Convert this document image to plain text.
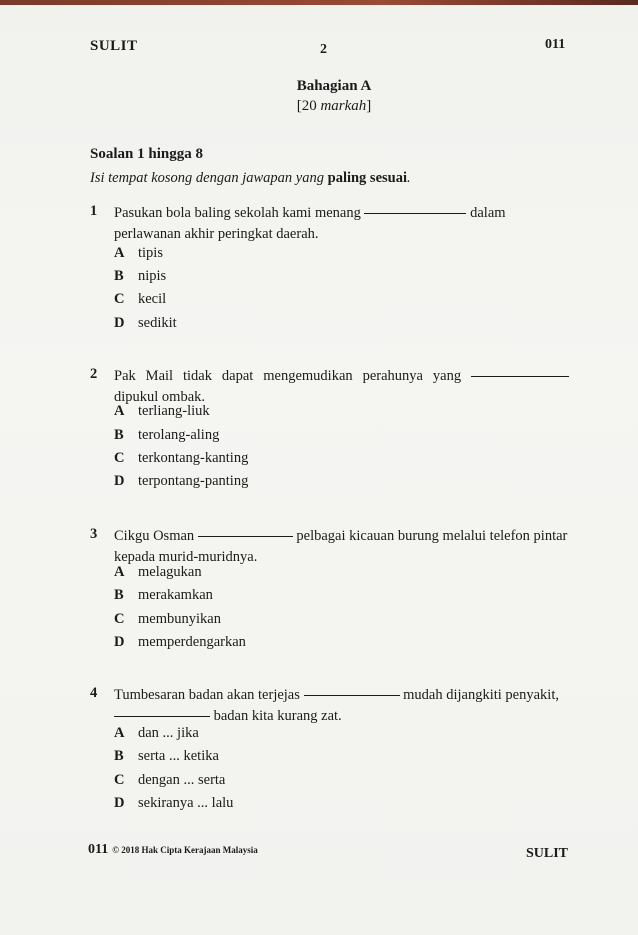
SULIT	2	011
Bahagian A
[20 markah]
Soalan 1 hingga 8
Isi tempat kosong dengan jawapan yang paling sesuai.
1 Pasukan bola baling sekolah kami menang	dalam perlawanan akhir peringkat daerah.
A tipis
B nipis
C kecil
D sedikit
2 Pak Mail tidak dapat mengemudikan perahunya yang  dipukul ombak.
A terliang-liuk
B terolang-aling
C terkontang-kanting
D terpontang-panting
3 Cikgu Osman	pelbagai kicauan burung melalui telefon pintar kepada murid-muridnya.
A melagukan
B merakamkan
C membunyikan
D memperdengarkan
4 Tumbesaran badan akan terjejas	mudah dijangkiti penyakit,
badan kita kurang zat.
A dan ... jika
B serta ... ketika
C dengan ... serta
D sekiranya ... lalu
011 © 2018 Hak Cipta Kerajaan Malaysia	SULIT
